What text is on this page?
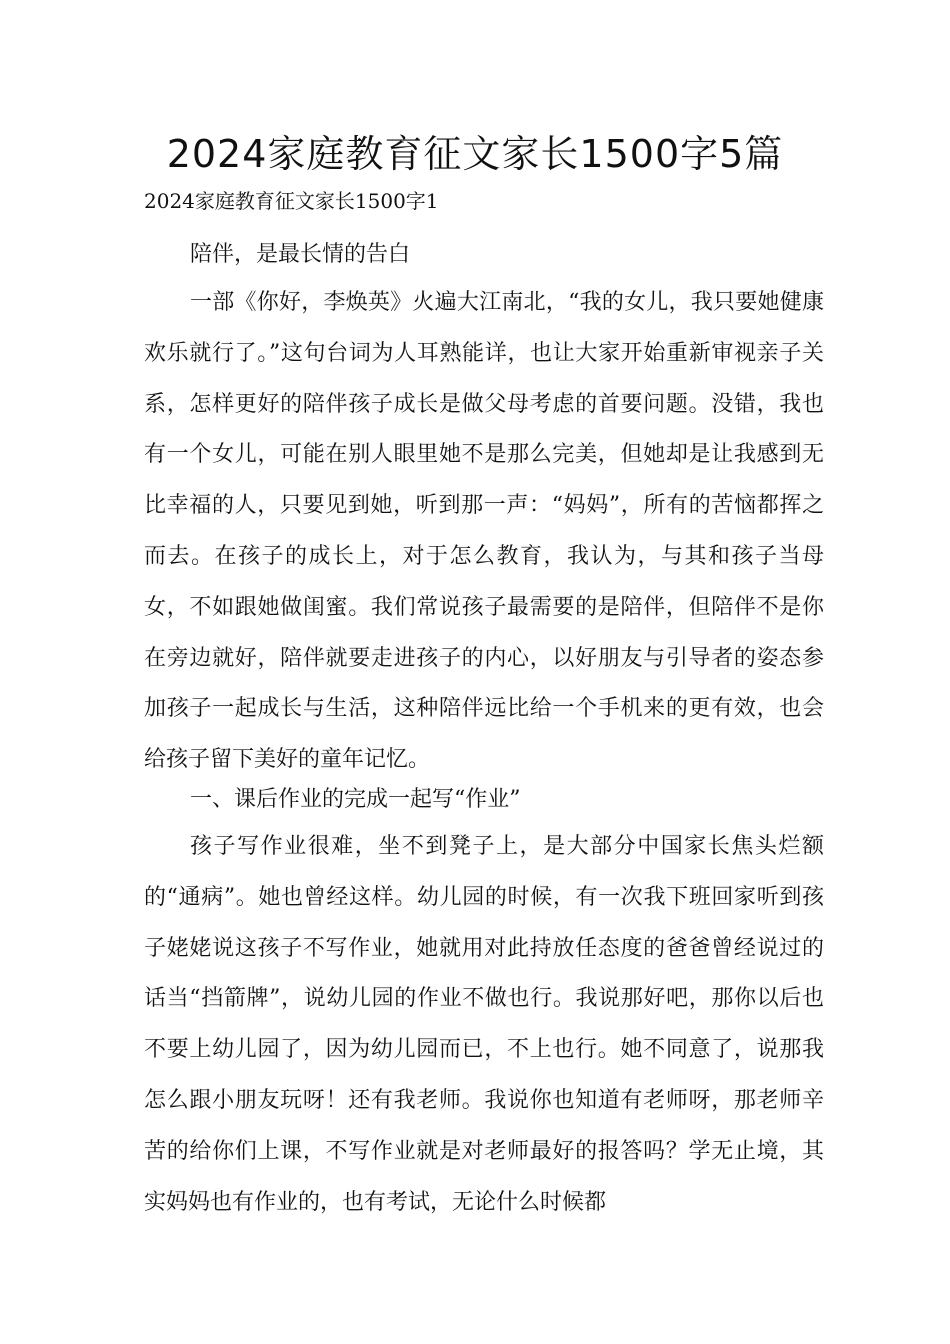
2024家庭教育征文家长1500字5篇

2024家庭教育征文家长1500字1

陪伴，是最长情的告白

一部《你好，李焕英》火遍大江南北，“我的女儿，我只要她健康欢乐就行了。”这句台词为人耳熟能详，也让大家开始重新审视亲子关系，怎样更好的陪伴孩子成长是做父母考虑的首要问题。没错，我也有一个女儿，可能在别人眼里她不是那么完美，但她却是让我感到无比幸福的人，只要见到她，听到那一声：“妈妈”，所有的苦恼都挥之而去。在孩子的成长上，对于怎么教育，我认为，与其和孩子当母女，不如跟她做闺蜜。我们常说孩子最需要的是陪伴，但陪伴不是你在旁边就好，陪伴就要走进孩子的内心，以好朋友与引导者的姿态参加孩子一起成长与生活，这种陪伴远比给一个手机来的更有效，也会给孩子留下美好的童年记忆。

一、课后作业的完成一起写“作业”

孩子写作业很难，坐不到凳子上，是大部分中国家长焦头烂额的“通病”。她也曾经这样。幼儿园的时候，有一次我下班回家听到孩子姥姥说这孩子不写作业，她就用对此持放任态度的爸爸曾经说过的话当“挡箭牌”，说幼儿园的作业不做也行。我说那好吧，那你以后也不要上幼儿园了，因为幼儿园而已，不上也行。她不同意了，说那我怎么跟小朋友玩呀！还有我老师。我说你也知道有老师呀，那老师辛苦的给你们上课，不写作业就是对老师最好的报答吗？学无止境，其实妈妈也有作业的，也有考试，无论什么时候都
